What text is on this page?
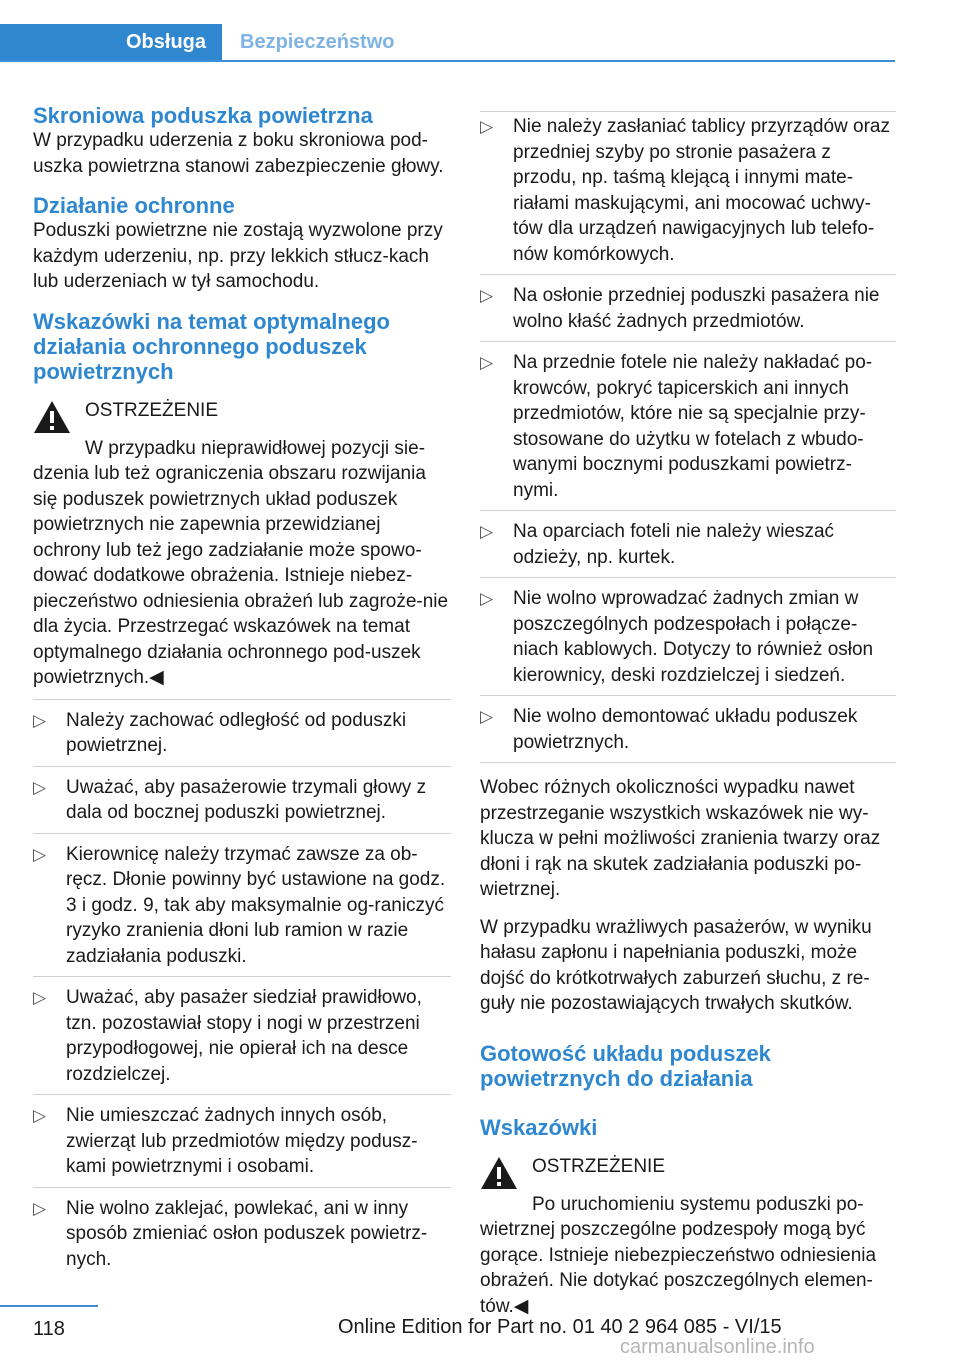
Obsługa	Bezpieczeństwo
Skroniowa poduszka powietrzna

W przypadku uderzenia z boku skroniowa pod-uszka powietrzna stanowi zabezpieczenie głowy.

Działanie ochronne

Poduszki powietrzne nie zostają wyzwolone przy każdym uderzeniu, np. przy lekkich stłucz-kach lub uderzeniach w tył samochodu.

Wskazówki na temat optymalnego działania ochronnego poduszek powietrznych

OSTRZEŻENIE

W przypadku nieprawidłowej pozycji sie-dzenia lub też ograniczenia obszaru rozwijania się poduszek powietrznych układ poduszek powietrznych nie zapewnia przewidzianej ochrony lub też jego zadziałanie może spowo-dować dodatkowe obrażenia. Istnieje niebez-pieczeństwo odniesienia obrażeń lub zagroże-nie dla życia. Przestrzegać wskazówek na temat optymalnego działania ochronnego pod-uszek powietrznych.◀

▷ Należy zachować odległość od poduszki powietrznej.
▷ Uważać, aby pasażerowie trzymali głowy z dala od bocznej poduszki powietrznej.
▷ Kierownicę należy trzymać zawsze za ob-ręcz. Dłonie powinny być ustawione na godz. 3 i godz. 9, tak aby maksymalnie og-raniczyć ryzyko zranienia dłoni lub ramion w razie zadziałania poduszki.
▷ Uważać, aby pasażer siedział prawidłowo, tzn. pozostawiał stopy i nogi w przestrzeni przypodłogowej, nie opierał ich na desce rozdzielczej.
▷ Nie umieszczać żadnych innych osób, zwierząt lub przedmiotów między podusz-kami powietrznymi i osobami.
▷ Nie wolno zaklejać, powlekać, ani w inny sposób zmieniać osłon poduszek powietrz-nych.
▷ Nie należy zasłaniać tablicy przyrządów oraz przedniej szyby po stronie pasażera z przodu, np. taśmą klejącą i innymi mate-riałami maskującymi, ani mocować uchwy-tów dla urządzeń nawigacyjnych lub telefo-nów komórkowych.
▷ Na osłonie przedniej poduszki pasażera nie wolno kłaść żadnych przedmiotów.
▷ Na przednie fotele nie należy nakładać po-krowców, pokryć tapicerskich ani innych przedmiotów, które nie są specjalnie przy-stosowane do użytku w fotelach z wbudo-wanymi bocznymi poduszkami powietrz-nymi.
▷ Na oparciach foteli nie należy wieszać odzieży, np. kurtek.
▷ Nie wolno wprowadzać żadnych zmian w poszczególnych podzespołach i połącze-niach kablowych. Dotyczy to również osłon kierownicy, deski rozdzielczej i siedzeń.
▷ Nie wolno demontować układu poduszek powietrznych.

Wobec różnych okoliczności wypadku nawet przestrzeganie wszystkich wskazówek nie wy-klucza w pełni możliwości zranienia twarzy oraz dłoni i rąk na skutek zadziałania poduszki po-wietrznej.

W przypadku wrażliwych pasażerów, w wyniku hałasu zapłonu i napełniania poduszki, może dojść do krótkotrwałych zaburzeń słuchu, z re-guły nie pozostawiających trwałych skutków.

Gotowość układu poduszek powietrznych do działania
Wskazówki

OSTRZEŻENIE

Po uruchomieniu systemu poduszki po-wietrznej poszczególne podzespoły mogą być gorące. Istnieje niebezpieczeństwo odniesienia obrażeń. Nie dotykać poszczególnych elemen-tów.◀

118	Online Edition for Part no. 01 40 2 964 085 - VI/15
carmanualsonline.info
